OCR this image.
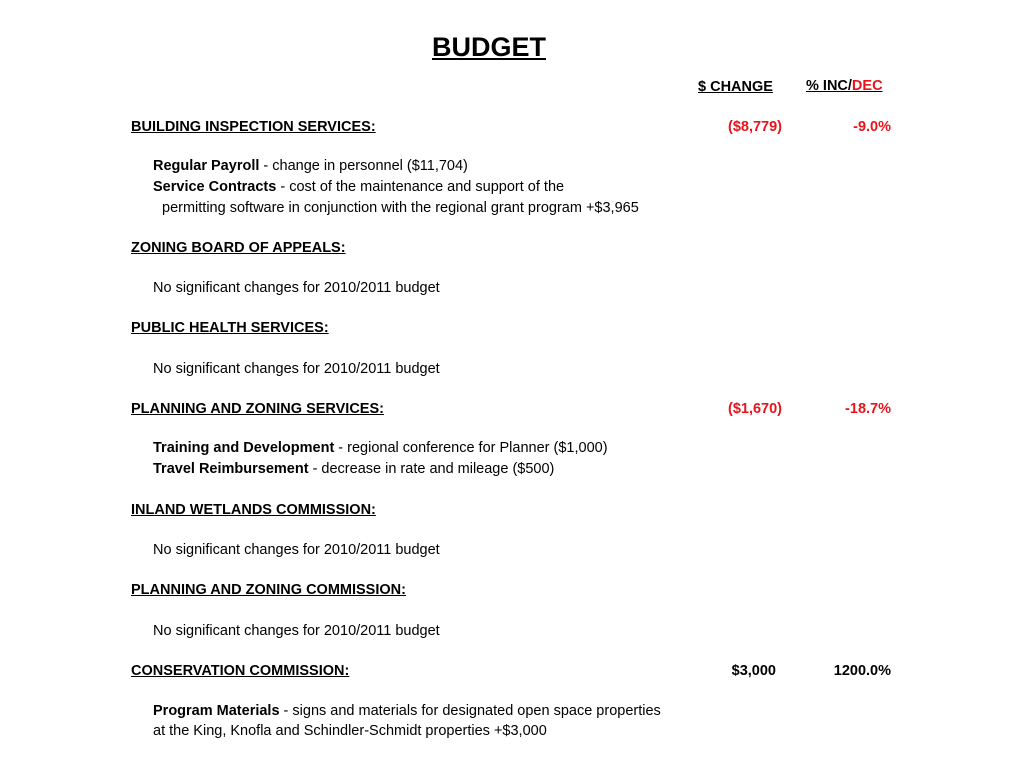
BUDGET
$ CHANGE % INC/DEC
BUILDING INSPECTION SERVICES:	($8,779)	-9.0%
Regular Payroll - change in personnel ($11,704)
Service Contracts - cost of the maintenance and support of the
permitting software in conjunction with the regional grant program +$3,965
ZONING BOARD OF APPEALS:
No significant changes for 2010/2011 budget
PUBLIC HEALTH SERVICES:
No significant changes for 2010/2011 budget
PLANNING AND ZONING SERVICES:	($1,670)	-18.7%
Training and Development - regional conference for Planner ($1,000)
Travel Reimbursement - decrease in rate and mileage ($500)
INLAND WETLANDS COMMISSION:
No significant changes for 2010/2011 budget
PLANNING AND ZONING COMMISSION:
No significant changes for 2010/2011 budget
CONSERVATION COMMISSION:	$3,000	1200.0%
Program Materials - signs and materials for designated open space properties
at the King, Knofla and Schindler-Schmidt properties +$3,000
